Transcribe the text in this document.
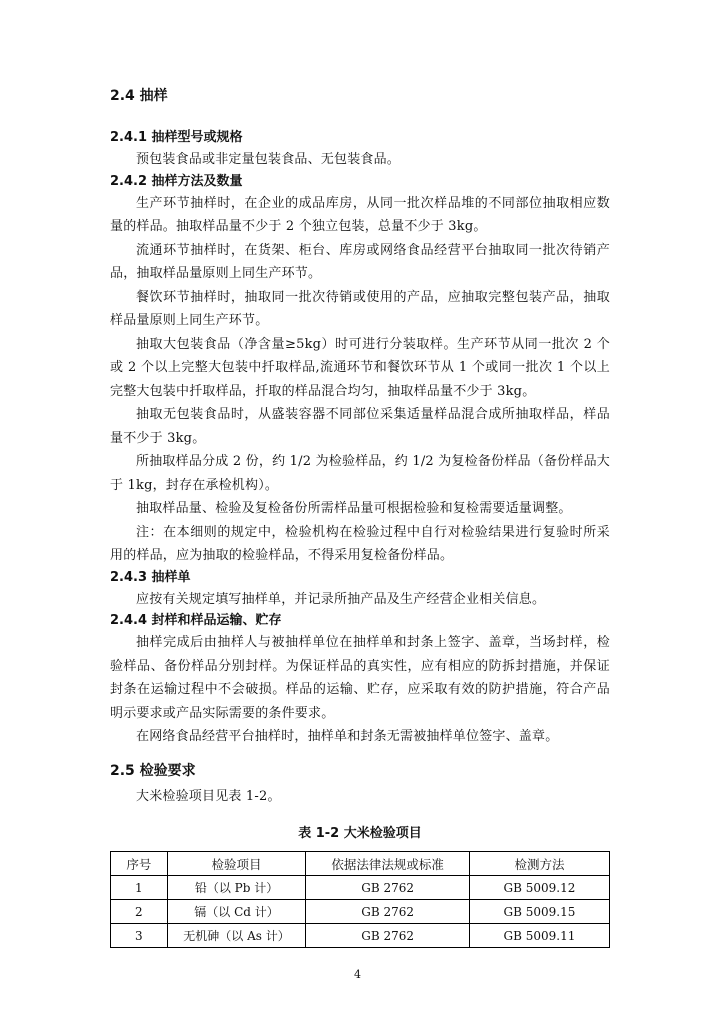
2.4 抽样
2.4.1 抽样型号或规格

预包装食品或非定量包装食品、无包装食品。

2.4.2 抽样方法及数量

生产环节抽样时，在企业的成品库房，从同一批次样品堆的不同部位抽取相应数量的样品。抽取样品量不少于 2 个独立包装，总量不少于 3kg。

流通环节抽样时，在货架、柜台、库房或网络食品经营平台抽取同一批次待销产品，抽取样品量原则上同生产环节。

餐饮环节抽样时，抽取同一批次待销或使用的产品，应抽取完整包装产品，抽取样品量原则上同生产环节。

抽取大包装食品（净含量≥5kg）时可进行分装取样。生产环节从同一批次 2 个或 2 个以上完整大包装中扦取样品,流通环节和餐饮环节从 1 个或同一批次 1 个以上完整大包装中扦取样品，扦取的样品混合均匀，抽取样品量不少于 3kg。

抽取无包装食品时，从盛装容器不同部位采集适量样品混合成所抽取样品，样品量不少于 3kg。

所抽取样品分成 2 份，约 1/2 为检验样品，约 1/2 为复检备份样品（备份样品大于 1kg，封存在承检机构）。

抽取样品量、检验及复检备份所需样品量可根据检验和复检需要适量调整。

注：在本细则的规定中，检验机构在检验过程中自行对检验结果进行复验时所采用的样品，应为抽取的检验样品，不得采用复检备份样品。

2.4.3 抽样单

应按有关规定填写抽样单，并记录所抽产品及生产经营企业相关信息。

2.4.4 封样和样品运输、贮存

抽样完成后由抽样人与被抽样单位在抽样单和封条上签字、盖章，当场封样，检验样品、备份样品分别封样。为保证样品的真实性，应有相应的防拆封措施，并保证封条在运输过程中不会破损。样品的运输、贮存，应采取有效的防护措施，符合产品明示要求或产品实际需要的条件要求。

在网络食品经营平台抽样时，抽样单和封条无需被抽样单位签字、盖章。

2.5 检验要求

大米检验项目见表 1-2。

表 1-2 大米检验项目
序号	检验项目	依据法律法规或标准	检测方法
1	铅（以 Pb 计）	GB 2762	GB 5009.12
2	镉（以 Cd 计）	GB 2762	GB 5009.15
3	无机砷（以 As 计）	GB 2762	GB 5009.11
4
